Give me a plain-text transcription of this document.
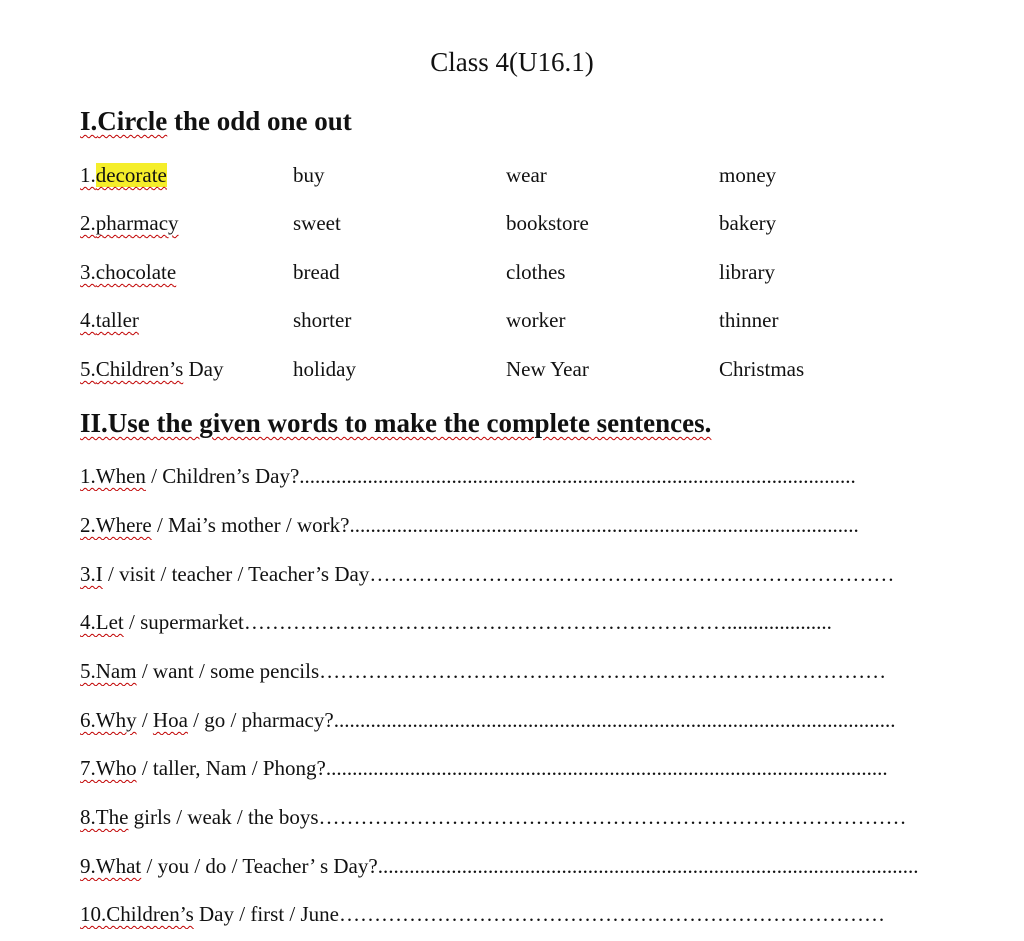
Class 4(U16.1)
I.Circle the odd one out
1.decorate	buy	wear	money
2.pharmacy	sweet	bookstore	bakery
3.chocolate	bread	clothes	library
4.taller	shorter	worker	thinner
5.Children’s Day	holiday	New Year	Christmas
II.Use the given words to make the complete sentences.
1.When / Children’s Day?..........................................................................................................
2.Where / Mai’s mother / work?.................................................................................................
3.I / visit / teacher / Teacher’s Day…………………………………………………………………
4.Let / supermarket……………………………………………………………....................
5.Nam / want / some pencils………………………………………………………………………
6.Why / Hoa / go / pharmacy?...........................................................................................................
7.Who / taller, Nam / Phong?...........................................................................................................
8.The girls / weak / the boys…………………………………………………………………………
9.What / you / do / Teacher’ s Day?.......................................................................................................
10.Children’s Day / first / June……………………………………………………………………
